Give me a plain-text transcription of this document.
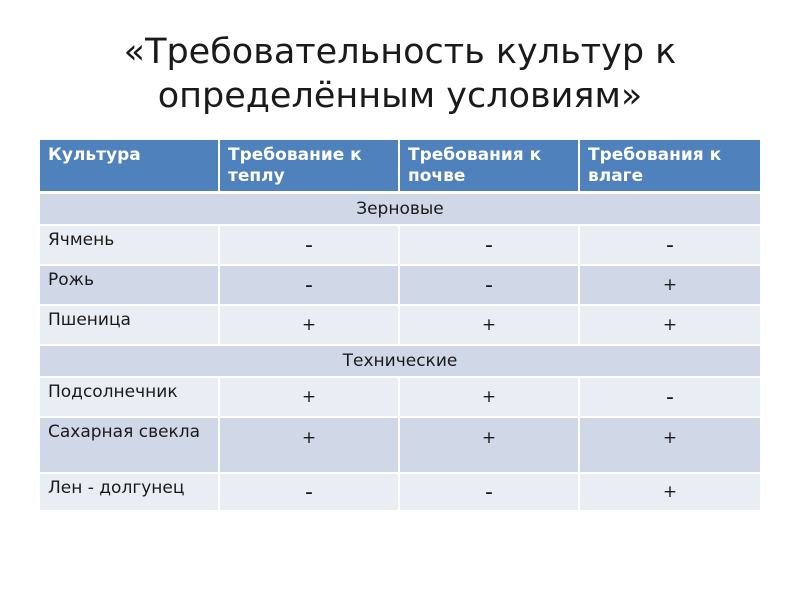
«Требовательность культур к определённым условиям»
Культура	Требование к теплу	Требования к почве	Требования к влаге
Зерновые			
Ячмень	-	-	-
Рожь	-	-	+
Пшеница	+	+	+
Технические			
Подсолнечник	+	+	-
Сахарная свекла	+	+	+
Лен - долгунец	-	-	+
